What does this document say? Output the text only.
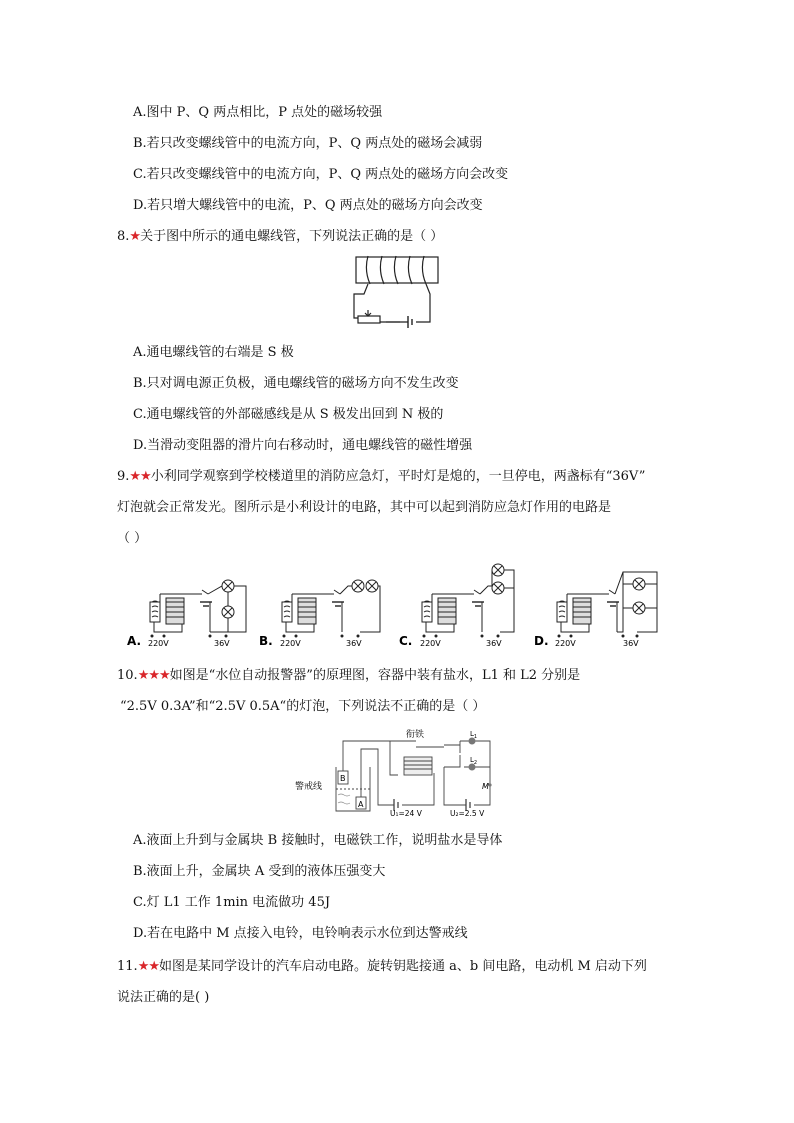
A.图中 P、Q 两点相比，P 点处的磁场较强
B.若只改变螺线管中的电流方向，P、Q 两点处的磁场会减弱
C.若只改变螺线管中的电流方向，P、Q 两点处的磁场方向会改变
D.若只增大螺线管中的电流，P、Q 两点处的磁场方向会改变
8.★关于图中所示的通电螺线管，下列说法正确的是（ ）
A.通电螺线管的右端是 S 极
B.只对调电源正负极，通电螺线管的磁场方向不发生改变
C.通电螺线管的外部磁感线是从 S 极发出回到 N 极的
D.当滑动变阻器的滑片向右移动时，通电螺线管的磁性增强
9.★★小利同学观察到学校楼道里的消防应急灯，平时灯是熄的，一旦停电，两盏标有“36V”
灯泡就会正常发光。图所示是小利设计的电路，其中可以起到消防应急灯作用的电路是
（ ）
A. 220V	36V B. 220V	36V	C. 220V	36V	D. 220V	36V
10.★★★如图是“水位自动报警器”的原理图，容器中装有盐水，L1 和 L2 分别是
“2.5V 0.3A”和“2.5V 0.5A“的灯泡，下列说法不正确的是（ ）
衔铁
警戒线
B
A
$L_1$
$L_2$
M
U₁=24 V	U₂=2.5 V
A.液面上升到与金属块 B 接触时，电磁铁工作，说明盐水是导体
B.液面上升，金属块 A 受到的液体压强变大
C.灯 L1 工作 1min 电流做功 45J
D.若在电路中 M 点接入电铃，电铃响表示水位到达警戒线
11.★★如图是某同学设计的汽车启动电路。旋转钥匙接通 a、b 间电路，电动机 M 启动下列
说法正确的是( )
